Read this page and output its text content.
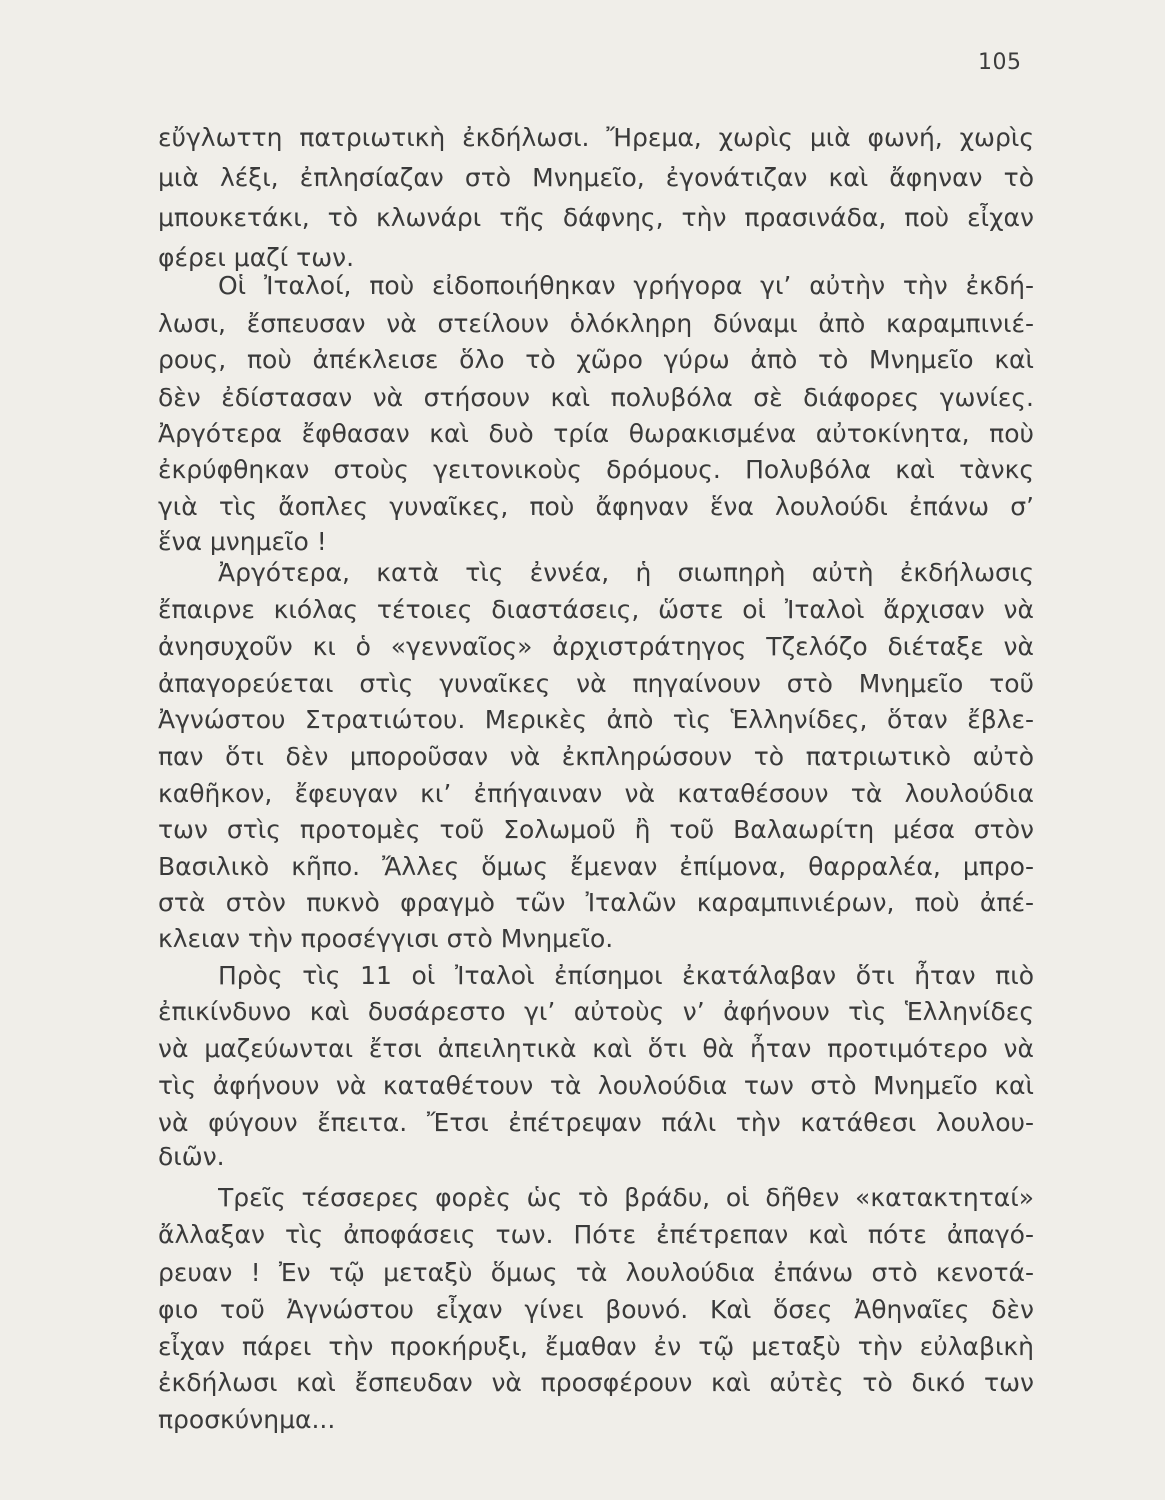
105
εὔγλωττη πατριωτικὴ ἐκδήλωσι. Ἤρεμα, χωρὶς μιὰ φωνή, χωρὶς
μιὰ λέξι, ἐπλησίαζαν στὸ Μνημεῖο, ἐγονάτιζαν καὶ ἄφηναν τὸ
μπουκετάκι, τὸ κλωνάρι τῆς δάφνης, τὴν πρασινάδα, ποὺ εἶχαν
φέρει μαζί των.
Οἱ Ἰταλοί, ποὺ εἰδοποιήθηκαν γρήγορα γι’ αὐτὴν τὴν ἐκδή-
λωσι, ἔσπευσαν νὰ στείλουν ὁλόκληρη δύναμι ἀπὸ καραμπινιέ-
ρους, ποὺ ἀπέκλεισε ὅλο τὸ χῶρο γύρω ἀπὸ τὸ Μνημεῖο καὶ
δὲν ἐδίστασαν νὰ στήσουν καὶ πολυβόλα σὲ διάφορες γωνίες.
Ἀργότερα ἔφθασαν καὶ δυὸ τρία θωρακισμένα αὐτοκίνητα, ποὺ
ἐκρύφθηκαν στοὺς γειτονικοὺς δρόμους. Πολυβόλα καὶ τὰνκς
γιὰ τὶς ἄοπλες γυναῖκες, ποὺ ἄφηναν ἕνα λουλούδι ἐπάνω σ’
ἕνα μνημεῖο !
Ἀργότερα, κατὰ τὶς ἐννέα, ἡ σιωπηρὴ αὐτὴ ἐκδήλωσις
ἔπαιρνε κιόλας τέτοιες διαστάσεις, ὥστε οἱ Ἰταλοὶ ἄρχισαν νὰ
ἀνησυχοῦν κι ὁ «γενναῖος» ἀρχιστράτηγος Τζελόζο διέταξε νὰ
ἀπαγορεύεται στὶς γυναῖκες νὰ πηγαίνουν στὸ Μνημεῖο τοῦ
Ἀγνώστου Στρατιώτου. Μερικὲς ἀπὸ τὶς Ἑλληνίδες, ὅταν ἔβλε-
παν ὅτι δὲν μποροῦσαν νὰ ἐκπληρώσουν τὸ πατριωτικὸ αὐτὸ
καθῆκον, ἔφευγαν κι’ ἐπήγαιναν νὰ καταθέσουν τὰ λουλούδια
των στὶς προτομὲς τοῦ Σολωμοῦ ἢ τοῦ Βαλαωρίτη μέσα στὸν
Βασιλικὸ κῆπο. Ἄλλες ὅμως ἔμεναν ἐπίμονα, θαρραλέα, μπρο-
στὰ στὸν πυκνὸ φραγμὸ τῶν Ἰταλῶν καραμπινιέρων, ποὺ ἀπέ-
κλειαν τὴν προσέγγισι στὸ Μνημεῖο.
Πρὸς τὶς 11 οἱ Ἰταλοὶ ἐπίσημοι ἐκατάλαβαν ὅτι ἦταν πιὸ
ἐπικίνδυνο καὶ δυσάρεστο γι’ αὐτοὺς ν’ ἀφήνουν τὶς Ἑλληνίδες
νὰ μαζεύωνται ἔτσι ἀπειλητικὰ καὶ ὅτι θὰ ἦταν προτιμότερο νὰ
τὶς ἀφήνουν νὰ καταθέτουν τὰ λουλούδια των στὸ Μνημεῖο καὶ
νὰ φύγουν ἔπειτα. Ἔτσι ἐπέτρεψαν πάλι τὴν κατάθεσι λουλου-
διῶν.
Τρεῖς τέσσερες φορὲς ὡς τὸ βράδυ, οἱ δῆθεν «κατακτηταί»
ἄλλαξαν τὶς ἀποφάσεις των. Πότε ἐπέτρεπαν καὶ πότε ἀπαγό-
ρευαν ! Ἐν τῷ μεταξὺ ὅμως τὰ λουλούδια ἐπάνω στὸ κενοτά-
φιο τοῦ Ἀγνώστου εἶχαν γίνει βουνό. Καὶ ὅσες Ἀθηναῖες δὲν
εἶχαν πάρει τὴν προκήρυξι, ἔμαθαν ἐν τῷ μεταξὺ τὴν εὐλαβικὴ
ἐκδήλωσι καὶ ἔσπευδαν νὰ προσφέρουν καὶ αὐτὲς τὸ δικό των
προσκύνημα...
